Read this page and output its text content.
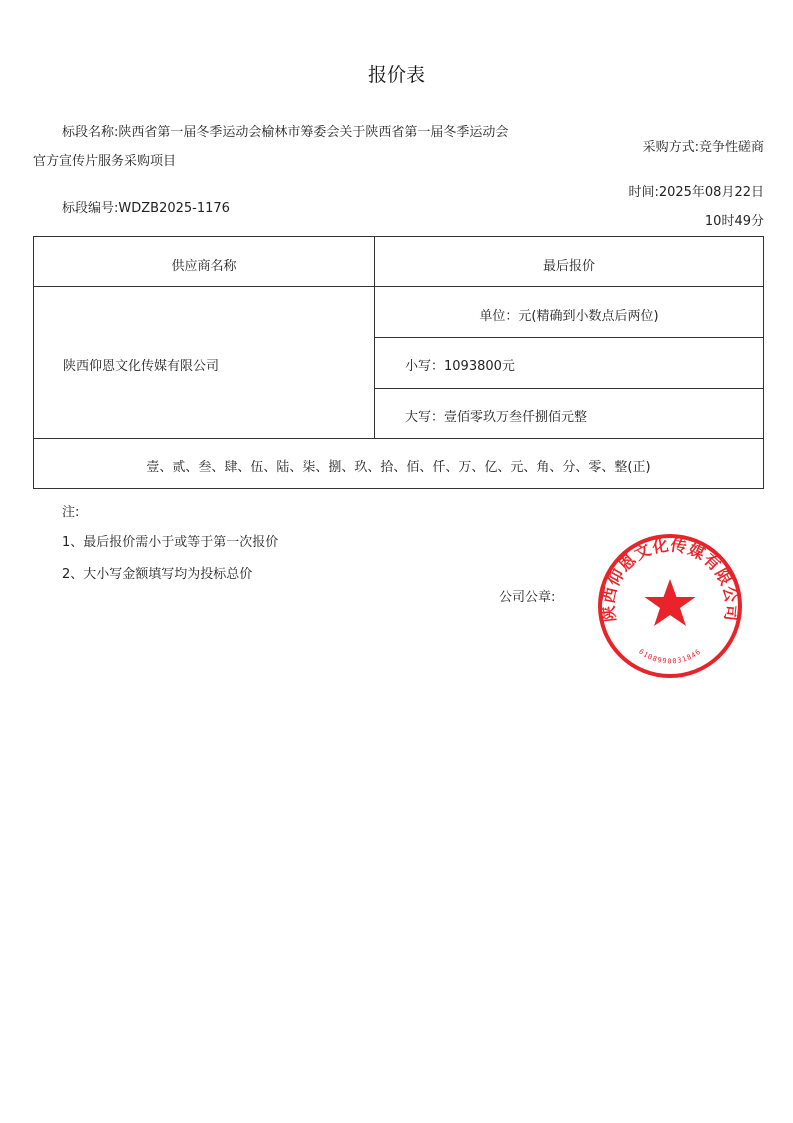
报价表
标段名称:陕西省第一届冬季运动会榆林市筹委会关于陕西省第一届冬季运动会
官方宣传片服务采购项目
标段编号:WDZB2025-1176
采购方式:竞争性磋商
时间:2025年08月22日
10时49分
供应商名称	最后报价
陕西仰恩文化传媒有限公司
单位：元(精确到小数点后两位)
小写：1093800元
大写：壹佰零玖万叁仟捌佰元整
壹、贰、叁、肆、伍、陆、柒、捌、玖、拾、佰、仟、万、亿、元、角、分、零、整(正)
注:
1、最后报价需小于或等于第一次报价
2、大小写金额填写均为投标总价
公司公章:
陕西仰恩文化传媒有限公司
6108990031846
